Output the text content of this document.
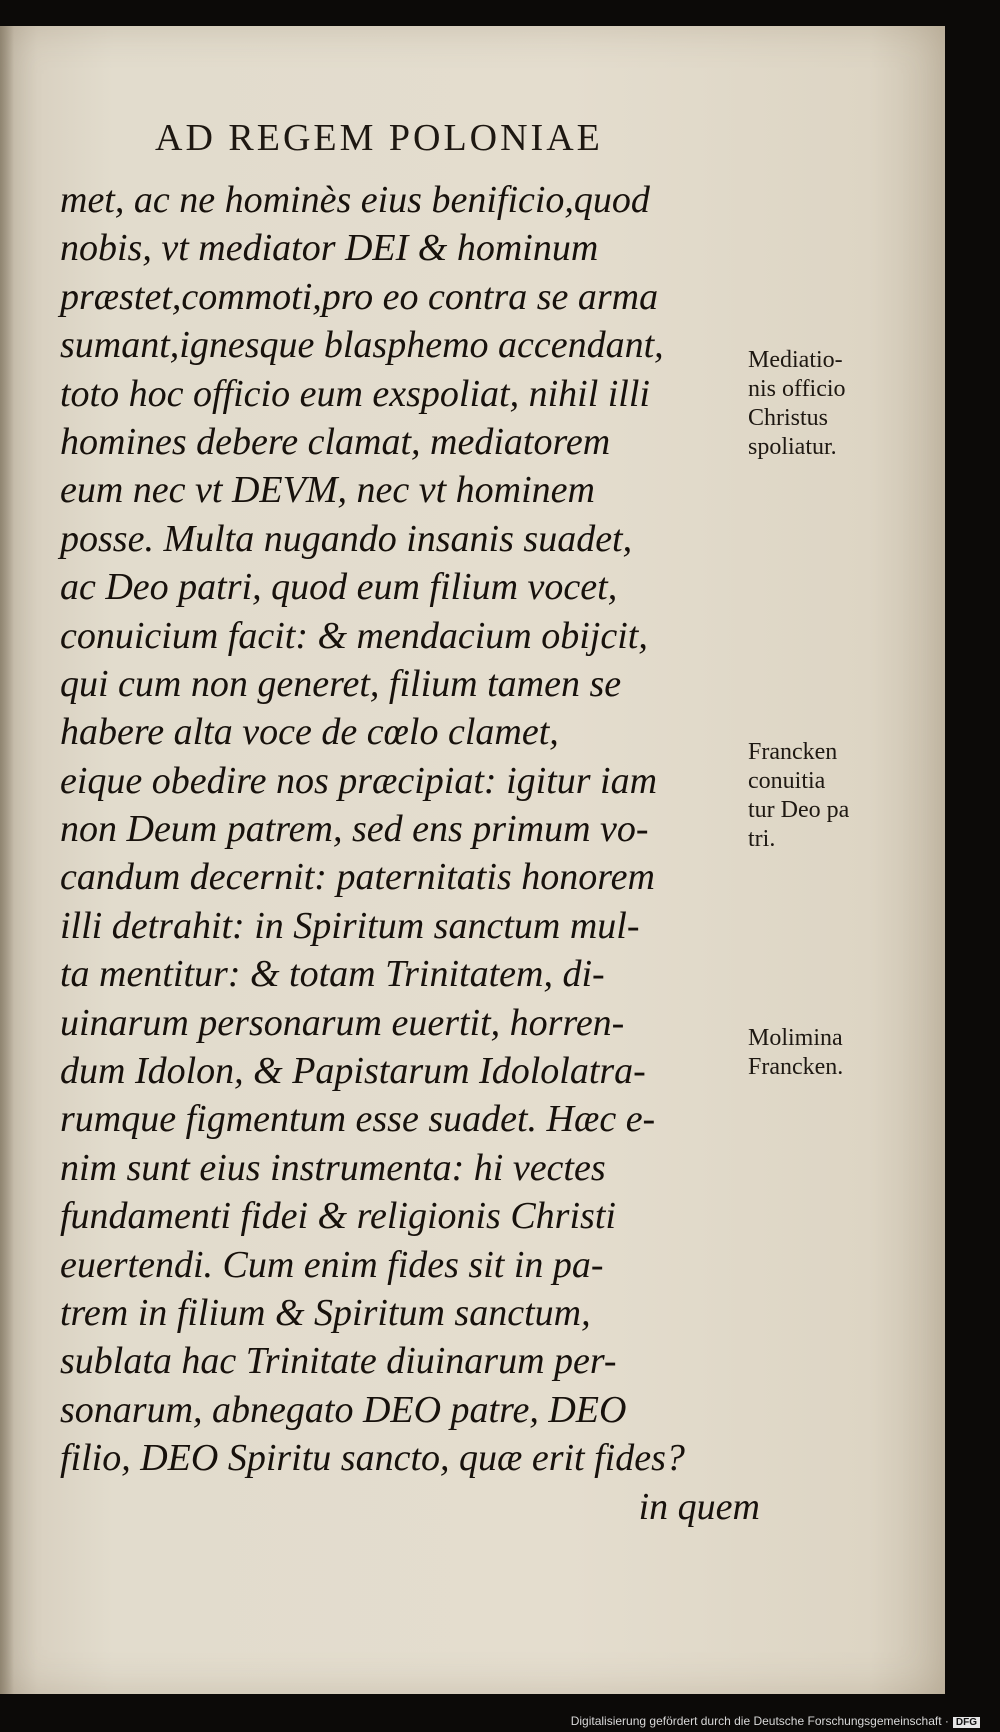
AD REGEM POLONIAE
met, ac ne hominès eius benificio,quod
nobis, vt mediator DEI & hominum
præstet,commoti,pro eo contra se arma
sumant,ignesque blasphemo accendant,
toto hoc officio eum exspoliat, nihil illi
homines debere clamat, mediatorem
eum nec vt DEVM, nec vt hominem
posse. Multa nugando insanis suadet,
ac Deo patri, quod eum filium vocet,
conuicium facit: & mendacium obijcit,
qui cum non generet, filium tamen se
habere alta voce de cœlo clamet,
eique obedire nos præcipiat: igitur iam
non Deum patrem, sed ens primum vo-
candum decernit: paternitatis honorem
illi detrahit: in Spiritum sanctum mul-
ta mentitur: & totam Trinitatem, di-
uinarum personarum euertit, horren-
dum Idolon, & Papistarum Idololatra-
rumque figmentum esse suadet. Hæc e-
nim sunt eius instrumenta: hi vectes
fundamenti fidei & religionis Christi
euertendi. Cum enim fides sit in pa-
trem in filium & Spiritum sanctum,
sublata hac Trinitate diuinarum per-
sonarum, abnegato DEO patre, DEO
filio, DEO Spiritu sancto, quæ erit fides?
in quem
Mediatio-
nis officio
Christus
spoliatur.
Francken
conuitia
tur Deo pa
tri.
Molimina
Francken.
Digitalisierung gefördert durch die Deutsche Forschungsgemeinschaft · DFG
